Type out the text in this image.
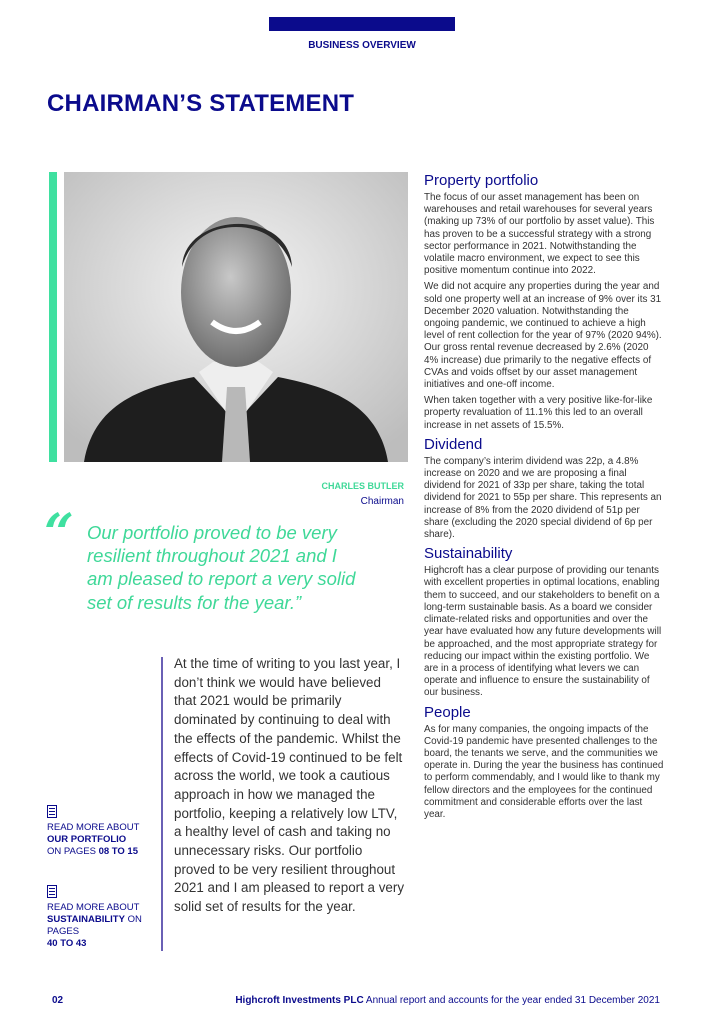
BUSINESS OVERVIEW
CHAIRMAN’S STATEMENT
CHARLES BUTLER
Chairman
“ Our portfolio proved to be very resilient throughout 2021 and I am pleased to report a very solid set of results for the year.”

At the time of writing to you last year, I don’t think we would have believed that 2021 would be primarily dominated by continuing to deal with the effects of the pandemic. Whilst the effects of Covid-19 continued to be felt across the world, we took a cautious approach in how we managed the portfolio, keeping a relatively low LTV, a healthy level of cash and taking no unnecessary risks. Our portfolio proved to be very resilient throughout 2021 and I am pleased to report a very solid set of results for the year.

READ MORE ABOUT
OUR PORTFOLIO
ON PAGES 08 TO 15
READ MORE ABOUT
SUSTAINABILITY ON PAGES
40 TO 43
Property portfolio

The focus of our asset management has been on warehouses and retail warehouses for several years (making up 73% of our portfolio by asset value). This has proven to be a successful strategy with a strong sector performance in 2021. Notwithstanding the volatile macro environment, we expect to see this positive momentum continue into 2022.

We did not acquire any properties during the year and sold one property well at an increase of 9% over its 31 December 2020 valuation. Notwithstanding the ongoing pandemic, we continued to achieve a high level of rent collection for the year of 97% (2020 94%). Our gross rental revenue decreased by 2.6% (2020 4% increase) due primarily to the negative effects of CVAs and voids offset by our asset management initiatives and one-off income.

When taken together with a very positive like-for-like property revaluation of 11.1% this led to an overall increase in net assets of 15.5%.

Dividend

The company’s interim dividend was 22p, a 4.8% increase on 2020 and we are proposing a final dividend for 2021 of 33p per share, taking the total dividend for 2021 to 55p per share. This represents an increase of 8% from the 2020 dividend of 51p per share (excluding the 2020 special dividend of 6p per share).

Sustainability

Highcroft has a clear purpose of providing our tenants with excellent properties in optimal locations, enabling them to succeed, and our stakeholders to benefit on a long-term sustainable basis. As a board we consider climate-related risks and opportunities and over the year have evaluated how any future developments will be approached, and the most appropriate strategy for reducing our impact within the existing portfolio. We are in a process of identifying what levers we can operate and influence to ensure the sustainability of our business.

People

As for many companies, the ongoing impacts of the Covid-19 pandemic have presented challenges to the board, the tenants we serve, and the communities we operate in. During the year the business has continued to perform commendably, and I would like to thank my fellow directors and the employees for the continued commitment and considerable efforts over the last year.

02	Highcroft Investments PLC Annual report and accounts for the year ended 31 December 2021
